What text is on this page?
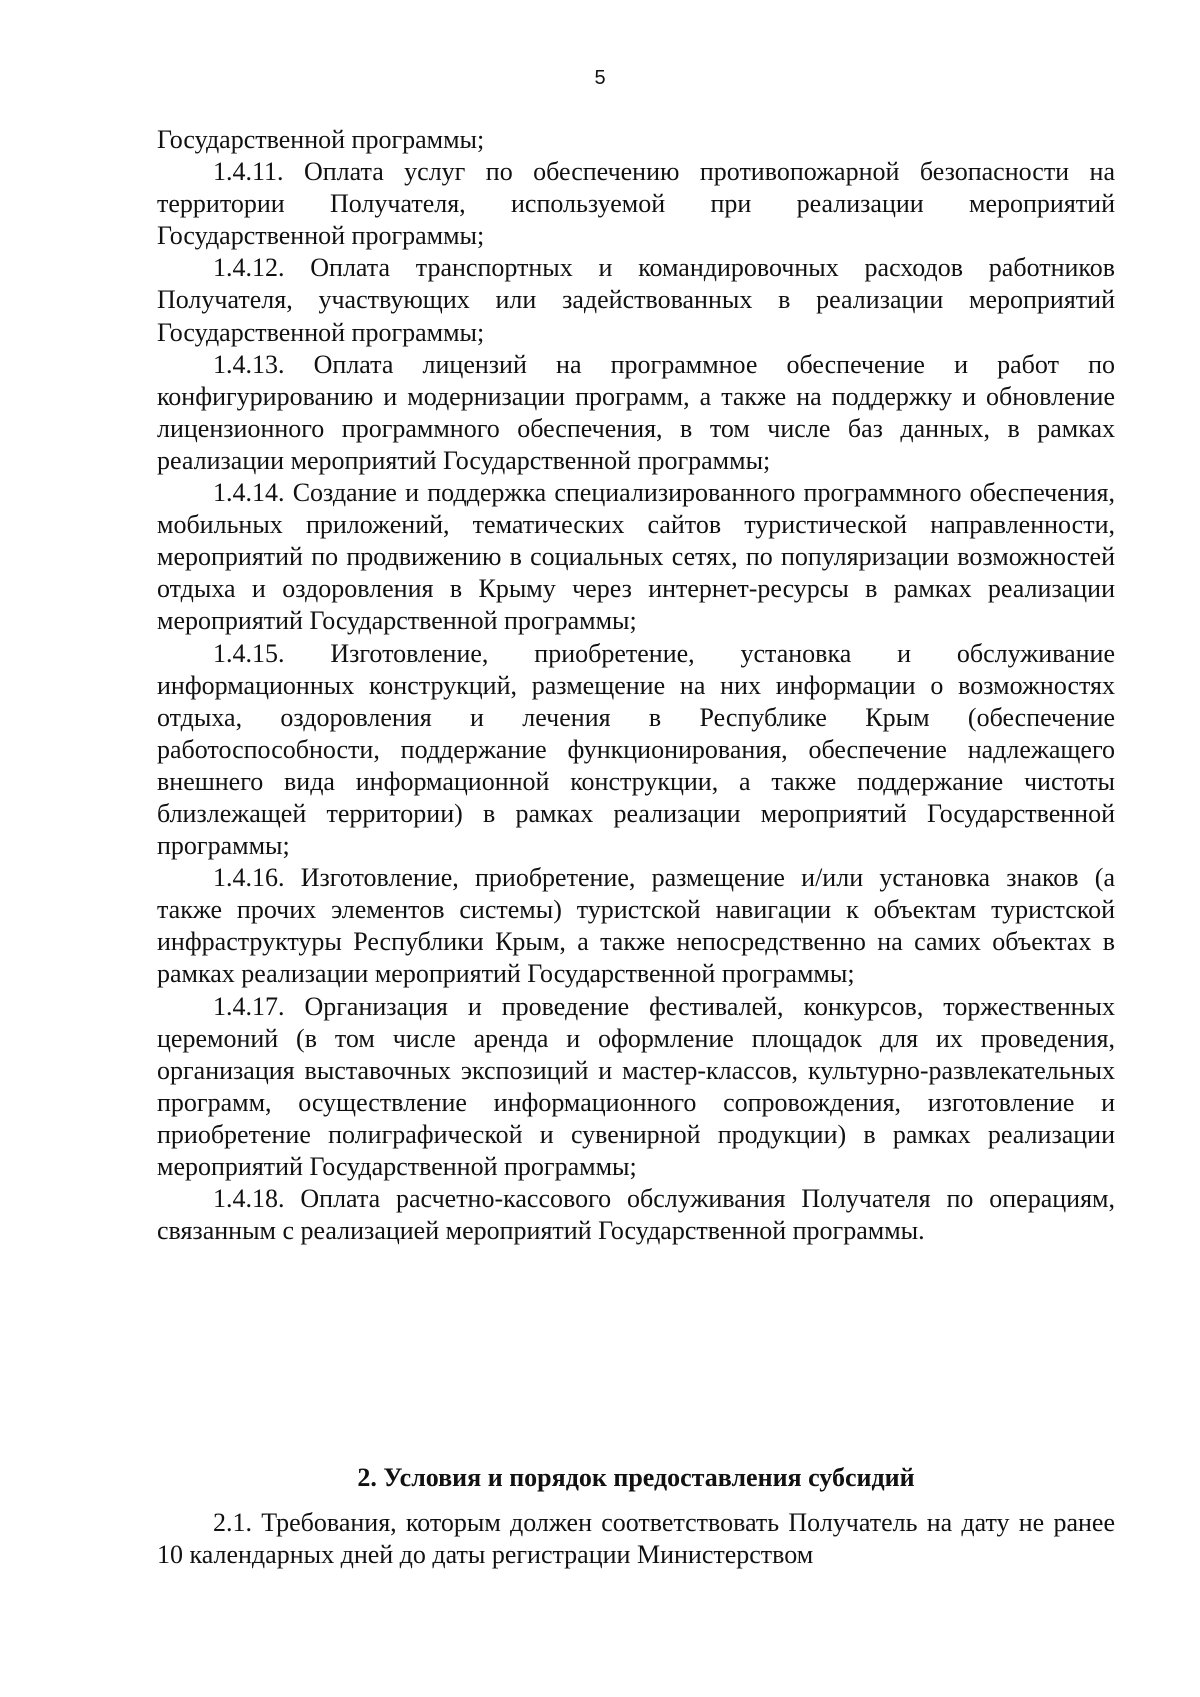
5

Государственной программы;

1.4.11. Оплата услуг по обеспечению противопожарной безопасности на территории Получателя, используемой при реализации мероприятий Государственной программы;

1.4.12. Оплата транспортных и командировочных расходов работников Получателя, участвующих или задействованных в реализации мероприятий Государственной программы;

1.4.13. Оплата лицензий на программное обеспечение и работ по конфигурированию и модернизации программ, а также на поддержку и обновление лицензионного программного обеспечения, в том числе баз данных, в рамках реализации мероприятий Государственной программы;

1.4.14. Создание и поддержка специализированного программного обеспечения, мобильных приложений, тематических сайтов туристической направленности, мероприятий по продвижению в социальных сетях, по популяризации возможностей отдыха и оздоровления в Крыму через интернет-ресурсы в рамках реализации мероприятий Государственной программы;

1.4.15. Изготовление, приобретение, установка и обслуживание информационных конструкций, размещение на них информации о возможностях отдыха, оздоровления и лечения в Республике Крым (обеспечение работоспособности, поддержание функционирования, обеспечение надлежащего внешнего вида информационной конструкции, а также поддержание чистоты близлежащей территории) в рамках реализации мероприятий Государственной программы;

1.4.16. Изготовление, приобретение, размещение и/или установка знаков (а также прочих элементов системы) туристской навигации к объектам туристской инфраструктуры Республики Крым, а также непосредственно на самих объектах в рамках реализации мероприятий Государственной программы;

1.4.17. Организация и проведение фестивалей, конкурсов, торжественных церемоний (в том числе аренда и оформление площадок для их проведения, организация выставочных экспозиций и мастер-классов, культурно-развлекательных программ, осуществление информационного сопровождения, изготовление и приобретение полиграфической и сувенирной продукции) в рамках реализации мероприятий Государственной программы;

1.4.18. Оплата расчетно-кассового обслуживания Получателя по операциям, связанным с реализацией мероприятий Государственной программы.

2. Условия и порядок предоставления субсидий

2.1. Требования, которым должен соответствовать Получатель на дату не ранее 10 календарных дней до даты регистрации Министерством
